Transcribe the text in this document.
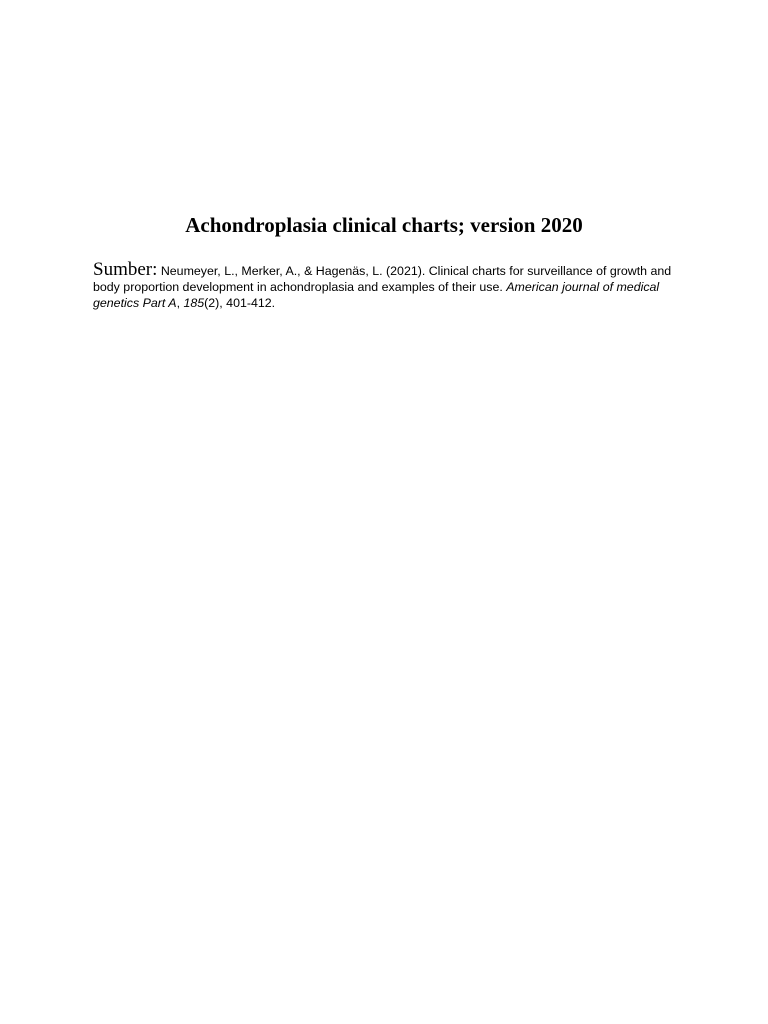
Achondroplasia clinical charts; version 2020

Sumber: Neumeyer, L., Merker, A., & Hagenäs, L. (2021). Clinical charts for surveillance of growth and body proportion development in achondroplasia and examples of their use. American journal of medical genetics Part A, 185(2), 401-412.
